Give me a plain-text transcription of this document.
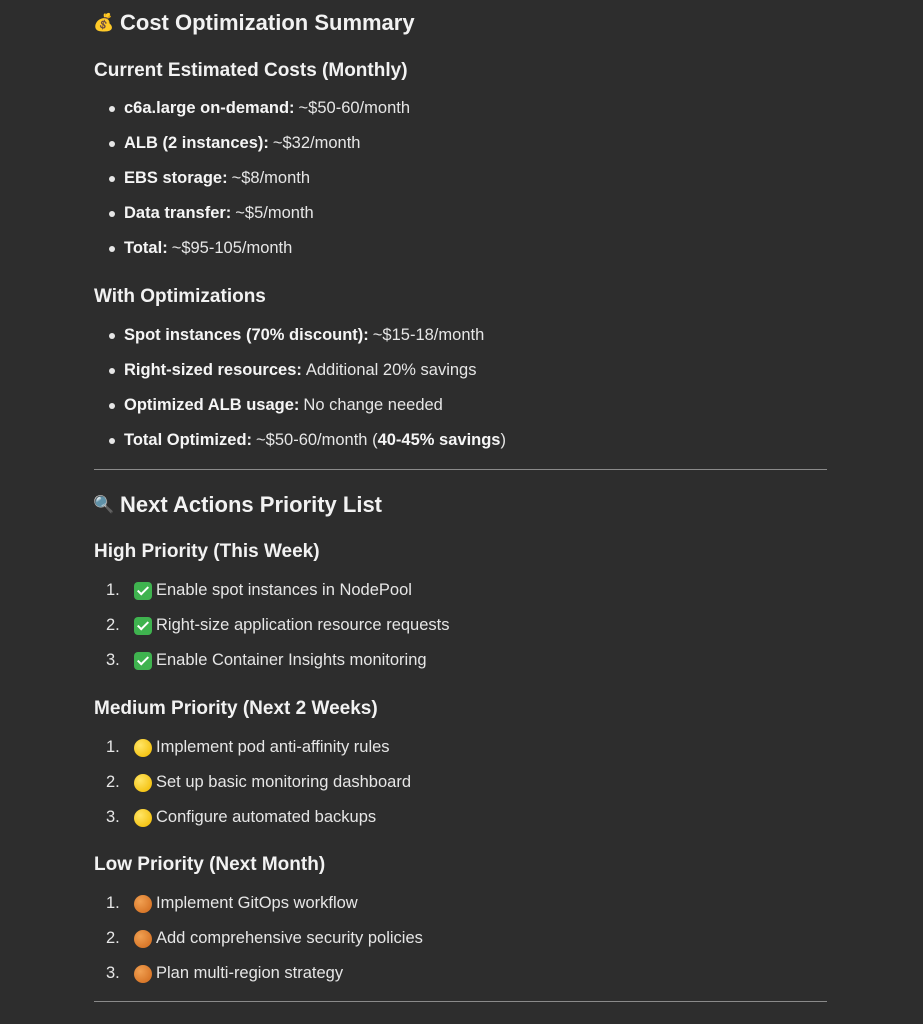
💰 Cost Optimization Summary
Current Estimated Costs (Monthly)
c6a.large on-demand: ~$50-60/month
ALB (2 instances): ~$32/month
EBS storage: ~$8/month
Data transfer: ~$5/month
Total: ~$95-105/month
With Optimizations
Spot instances (70% discount): ~$15-18/month
Right-sized resources: Additional 20% savings
Optimized ALB usage: No change needed
Total Optimized: ~$50-60/month ( 40-45% savings )
🔍 Next Actions Priority List
High Priority (This Week)
1.	Enable spot instances in NodePool
2.	Right-size application resource requests
3.	Enable Container Insights monitoring
Medium Priority (Next 2 Weeks)
1.	Implement pod anti-affinity rules
2.	Set up basic monitoring dashboard
3.	Configure automated backups
Low Priority (Next Month)
1.	Implement GitOps workflow
2.	Add comprehensive security policies
3.	Plan multi-region strategy
